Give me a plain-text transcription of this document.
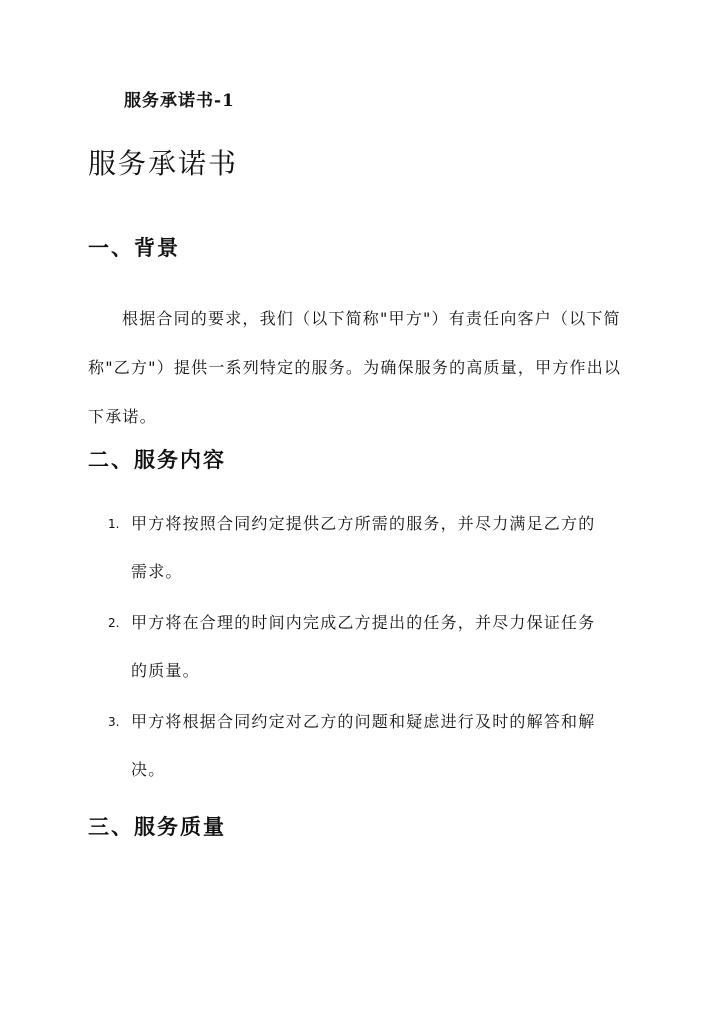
服务承诺书-1

服务承诺书
一、背景

根据合同的要求，我们（以下简称"甲方"）有责任向客户（以下简称"乙方"）提供一系列特定的服务。为确保服务的高质量，甲方作出以下承诺。

二、服务内容
1. 甲方将按照合同约定提供乙方所需的服务，并尽力满足乙方的需求。
2. 甲方将在合理的时间内完成乙方提出的任务，并尽力保证任务的质量。
3. 甲方将根据合同约定对乙方的问题和疑虑进行及时的解答和解决。
三、服务质量
